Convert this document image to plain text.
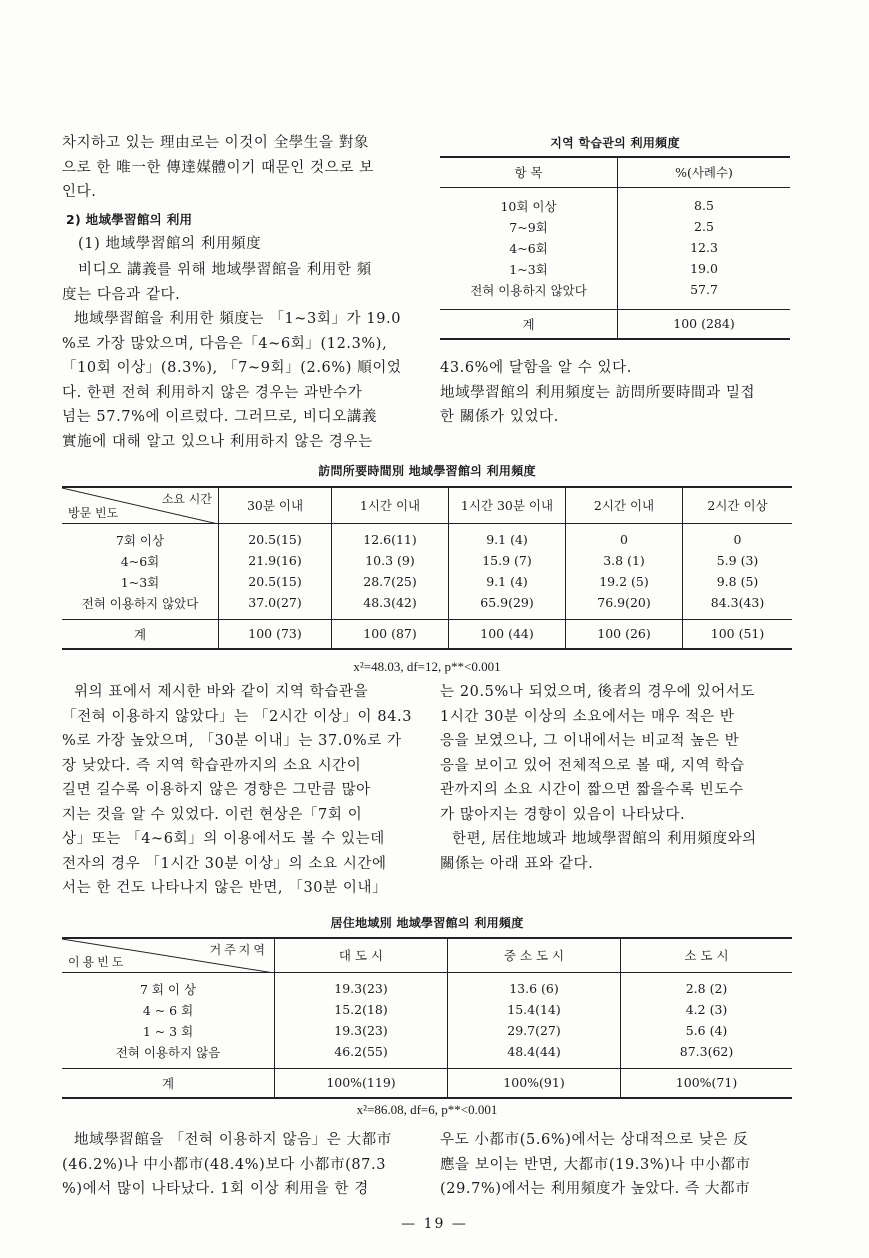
차지하고 있는 理由로는 이것이 全學生을 對象
으로 한 唯一한 傳達媒體이기 때문인 것으로 보
인다.
2) 地域學習館의 利用
(1) 地域學習館의 利用頻度
비디오 講義를 위해 地域學習館을 利用한 頻
度는 다음과 같다.
地域學習館을 利用한 頻度는 「1~3회」가 19.0
%로 가장 많았으며, 다음은「4~6회」(12.3%),
「10회 이상」(8.3%), 「7~9회」(2.6%) 順이었
다. 한편 전혀 利用하지 않은 경우는 과반수가
넘는 57.7%에 이르렀다. 그러므로, 비디오講義
實施에 대해 알고 있으나 利用하지 않은 경우는
지역 학습관의 利用頻度
항 목	%(사례수)

10회 이상	8.5
7~9회	2.5
4~6회	12.3
1~3회	19.0
전혀 이용하지 않았다	57.7

계	100 (284)
43.6%에 달함을 알 수 있다.
地域學習館의 利用頻度는 訪問所要時間과 밀접
한 關係가 있었다.
訪問所要時間別 地域學習館의 利用頻度
소요 시간
방문 빈도	30분 이내	1시간 이내	1시간 30분 이내	2시간 이내	2시간 이상

7회 이상	20.5(15)	12.6(11)	9.1 (4)	0	0
4~6회	21.9(16)	10.3 (9)	15.9 (7)	3.8 (1)	5.9 (3)
1~3회	20.5(15)	28.7(25)	9.1 (4)	19.2 (5)	9.8 (5)
전혀 이용하지 않았다	37.0(27)	48.3(42)	65.9(29)	76.9(20)	84.3(43)

계	100 (73)	100 (87)	100 (44)	100 (26)	100 (51)
x²=48.03, df=12, p**<0.001
위의 표에서 제시한 바와 같이 지역 학습관을
「전혀 이용하지 않았다」는 「2시간 이상」이 84.3
%로 가장 높았으며, 「30분 이내」는 37.0%로 가
장 낮았다. 즉 지역 학습관까지의 소요 시간이
길면 길수록 이용하지 않은 경향은 그만큼 많아
지는 것을 알 수 있었다. 이런 현상은「7회 이
상」또는 「4~6회」의 이용에서도 볼 수 있는데
전자의 경우 「1시간 30분 이상」의 소요 시간에
서는 한 건도 나타나지 않은 반면, 「30분 이내」
는 20.5%나 되었으며, 後者의 경우에 있어서도
1시간 30분 이상의 소요에서는 매우 적은 반
응을 보였으나, 그 이내에서는 비교적 높은 반
응을 보이고 있어 전체적으로 볼 때, 지역 학습
관까지의 소요 시간이 짧으면 짧을수록 빈도수
가 많아지는 경향이 있음이 나타났다.
한편, 居住地域과 地域學習館의 利用頻度와의
關係는 아래 표와 같다.
居住地域別 地域學習館의 利用頻度
거주지역
이용빈도	대 도 시	중 소 도 시	소 도 시

7 회 이 상	19.3(23)	13.6 (6)	2.8 (2)
4 ~ 6 회	15.2(18)	15.4(14)	4.2 (3)
1 ~ 3 회	19.3(23)	29.7(27)	5.6 (4)
전혀 이용하지 않음	46.2(55)	48.4(44)	87.3(62)

계	100%(119)	100%(91)	100%(71)
x²=86.08, df=6, p**<0.001
地域學習館을 「전혀 이용하지 않음」은 大都市
(46.2%)나 中小都市(48.4%)보다 小都市(87.3
%)에서 많이 나타났다. 1회 이상 利用을 한 경
우도 小都市(5.6%)에서는 상대적으로 낮은 反
應을 보이는 반면, 大都市(19.3%)나 中小都市
(29.7%)에서는 利用頻度가 높았다. 즉 大都市
— 19 —
